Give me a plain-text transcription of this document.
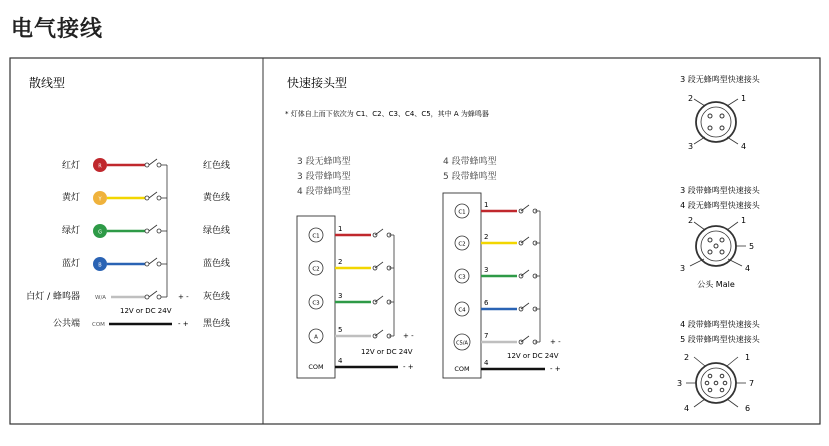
电气接线
散线型
红灯	R	红色线
黄灯	Y	黄色线
绿灯	G	绿色线
蓝灯	B	蓝色线
白灯 / 蜂鸣器	W/A	+ - 灰色线
12V or DC 24V
公共端 COM	- + 黑色线
快速接头型
* 灯体自上而下依次为 C1、C2、C3、C4、C5，其中 A 为蜂鸣器
3 段无蜂鸣型
3 段带蜂鸣型
4 段带蜂鸣型
C1
C2
C3
A
COM
1
2
3
5
4
+ -
12V or DC 24V
- +
4 段带蜂鸣型
5 段带蜂鸣型
C1
C2
C3
C4
C5/A
COM
1
2
3
6
7
4
+ -
12V or DC 24V
- +
3 段无蜂鸣型快速接头
2	1
3	4
3 段带蜂鸣型快速接头
4 段无蜂鸣型快速接头
2	1
5
3	4
公头 Male
4 段带蜂鸣型快速接头
5 段带蜂鸣型快速接头
2	1
3	7
4	6
